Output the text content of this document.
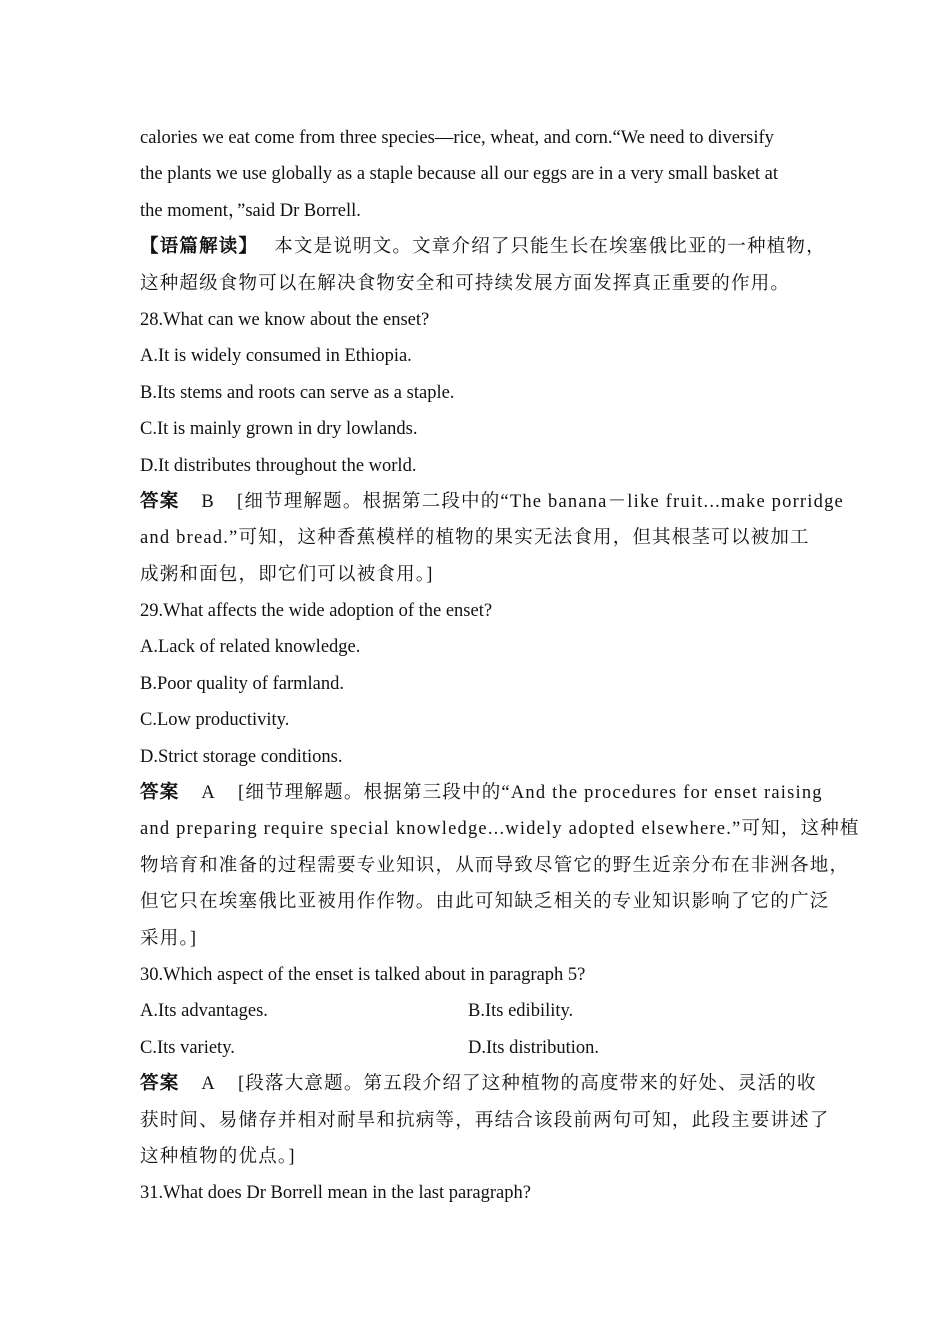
calories we eat come from three species—rice, wheat, and corn.“We need to diversify
the plants we use globally as a staple because all our eggs are in a very small basket at
the moment，”said Dr Borrell.
【语篇解读】 本文是说明文。文章介绍了只能生长在埃塞俄比亚的一种植物，
这种超级食物可以在解决食物安全和可持续发展方面发挥真正重要的作用。
28.What can we know about the enset?
A.It is widely consumed in Ethiopia.
B.Its stems and roots can serve as a staple.
C.It is mainly grown in dry lowlands.
D.It distributes throughout the world.
答案 B [细节理解题。根据第二段中的“The banana－like fruit...make porridge
and bread.”可知，这种香蕉模样的植物的果实无法食用，但其根茎可以被加工
成粥和面包，即它们可以被食用。]
29.What affects the wide adoption of the enset?
A.Lack of related knowledge.
B.Poor quality of farmland.
C.Low productivity.
D.Strict storage conditions.
答案 A [细节理解题。根据第三段中的“And the procedures for enset raising
and preparing require special knowledge...widely adopted elsewhere.”可知，这种植
物培育和准备的过程需要专业知识，从而导致尽管它的野生近亲分布在非洲各地，
但它只在埃塞俄比亚被用作作物。由此可知缺乏相关的专业知识影响了它的广泛
采用。]
30.Which aspect of the enset is talked about in paragraph 5?
A.Its advantages.	B.Its edibility.
C.Its variety.	D.Its distribution.
答案 A [段落大意题。第五段介绍了这种植物的高度带来的好处、灵活的收
获时间、易储存并相对耐旱和抗病等，再结合该段前两句可知，此段主要讲述了
这种植物的优点。]
31.What does Dr Borrell mean in the last paragraph?
